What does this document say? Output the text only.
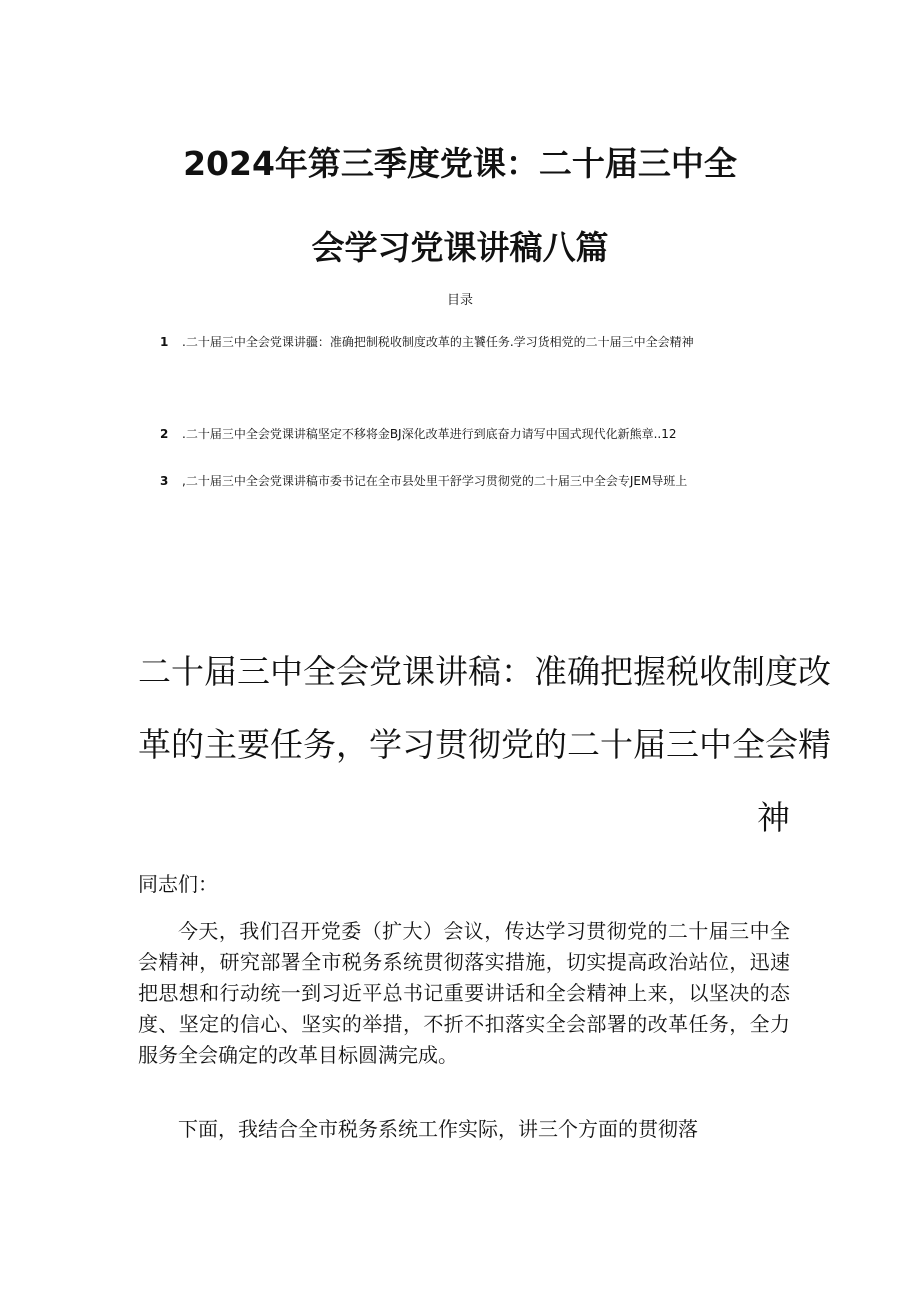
2024年第三季度党课：二十届三中全
会学习党课讲稿八篇
目录
1 .二十届三中全会党课讲疆：准确把制税收制度改革的主饕任务.学习货相党的二十届三中全会精神
2 .二十届三中全会党课讲稿坚定不移将金BJ深化改革进行到底奋力请写中国式现代化新熊章..12
3 ,二十届三中全会党课讲稿市委书记在全市县处里干舒学习贯彻党的二十届三中全会专JEM导班上
二十届三中全会党课讲稿：准确把握税收制度改
革的主要任务，学习贯彻党的二十届三中全会精
神
同志们：
今天，我们召开党委（扩大）会议，传达学习贯彻党的二十届三中全会精神，研究部署全市税务系统贯彻落实措施，切实提高政治站位，迅速把思想和行动统一到习近平总书记重要讲话和全会精神上来，以坚决的态度、坚定的信心、坚实的举措，不折不扣落实全会部署的改革任务，全力服务全会确定的改革目标圆满完成。
下面，我结合全市税务系统工作实际，讲三个方面的贯彻落
